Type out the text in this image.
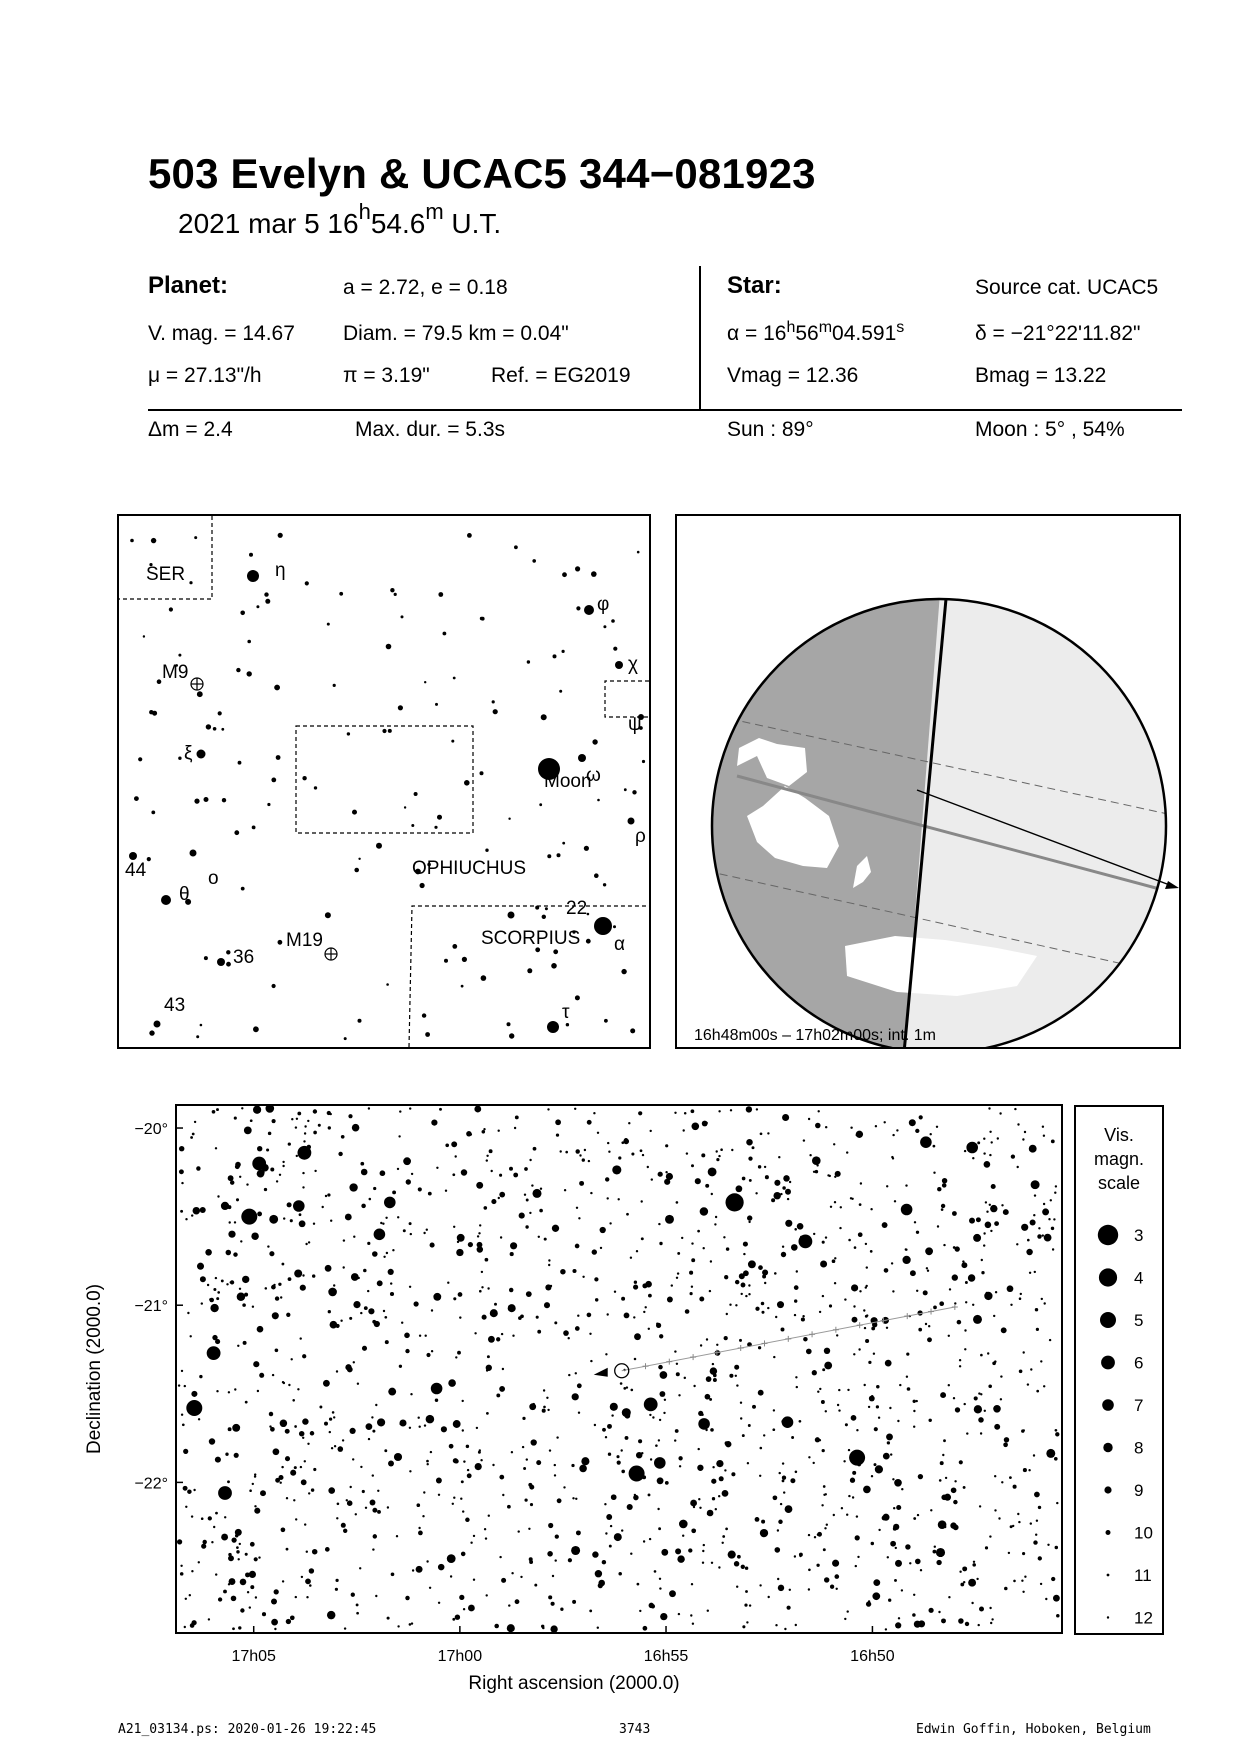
503 Evelyn & UCAC5 344−081923
2021 mar 5 16$^h$54.6$^m$ U.T.
Planet:	a = 2.72, e = 0.18
V. mag. = 14.67 Diam. = 79.5 km = 0.04"
μ = 27.13"/h	π = 3.19"	Ref. = EG2019
Star:	Source cat. UCAC5
$\alpha = 16^h56^m04.591^s$	δ = −21°22'11.82"
Vmag = 12.36	Bmag = 13.22
Δm = 2.4	Max. dur. = 5.3s	Sun : 89°	Moon : 5° , 54%
SER
OPHIUCHUS
SCORPIUS
M9
M19
Moon
η
φ
χ
ψ
ω
ρ
ξ
o
θ
α
τ
44
36
43
22
16h48m00s – 17h02m00s; int. 1m
17h05	17h00	16h55	16h50
−20°
−21°
−22°
Right ascension (2000.0)
Declination (2000.0)
Vis.
magn.
scale
3
4
5
6
7
8
9
10
11
12
A21_03134.ps: 2020-01-26 19:22:45	3743	Edwin Goffin, Hoboken, Belgium
